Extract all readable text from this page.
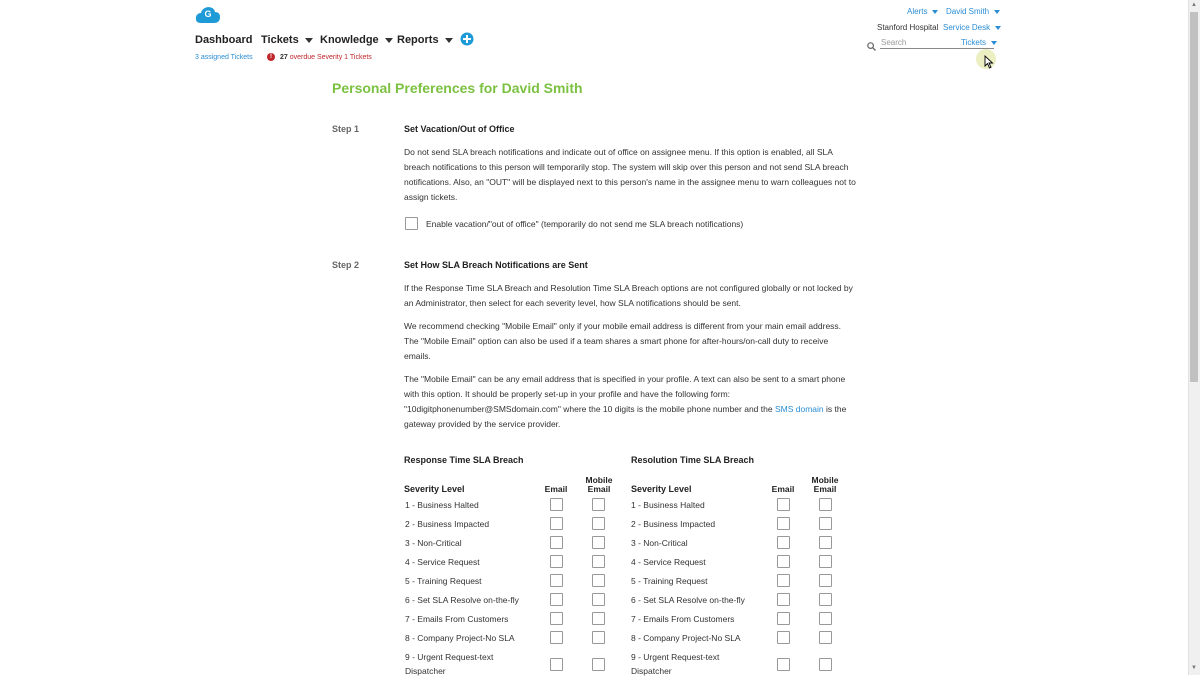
G
Dashboard Tickets	Knowledge	Reports
3 assigned Tickets	! 27 overdue Severity 1 Tickets
Alerts	David Smith
Stanford Hospital Service Desk
Search	Tickets
▲
▼
Personal Preferences for David Smith
Step 1	Set Vacation/Out of Office
Do not send SLA breach notifications and indicate out of office on assignee menu. If this option is enabled, all SLA breach notifications to this person will temporarily stop. The system will skip over this person and not send SLA breach notifications. Also, an "OUT" will be displayed next to this person's name in the assignee menu to warn colleagues not to assign tickets.
Enable vacation/"out of office" (temporarily do not send me SLA breach notifications)
Step 2	Set How SLA Breach Notifications are Sent
If the Response Time SLA Breach and Resolution Time SLA Breach options are not configured globally or not locked by an Administrator, then select for each severity level, how SLA notifications should be sent.
We recommend checking "Mobile Email" only if your mobile email address is different from your main email address. The "Mobile Email" option can also be used if a team shares a smart phone for after-hours/on-call duty to receive emails.
The "Mobile Email" can be any email address that is specified in your profile. A text can also be sent to a smart phone with this option. It should be properly set-up in your profile and have the following form: "10digitphonenumber@SMSdomain.com" where the 10 digits is the mobile phone number and the SMS domain is the gateway provided by the service provider.
Response Time SLA Breach
Severity Level	Email
Mobile
Email
Resolution Time SLA Breach
Severity Level	Email
Mobile
Email
1 - Business Halted
2 - Business Impacted
3 - Non-Critical
4 - Service Request
5 - Training Request
6 - Set SLA Resolve on-the-fly
7 - Emails From Customers
8 - Company Project-No SLA
9 - Urgent Request-text
Dispatcher
1 - Business Halted
2 - Business Impacted
3 - Non-Critical
4 - Service Request
5 - Training Request
6 - Set SLA Resolve on-the-fly
7 - Emails From Customers
8 - Company Project-No SLA
9 - Urgent Request-text
Dispatcher
